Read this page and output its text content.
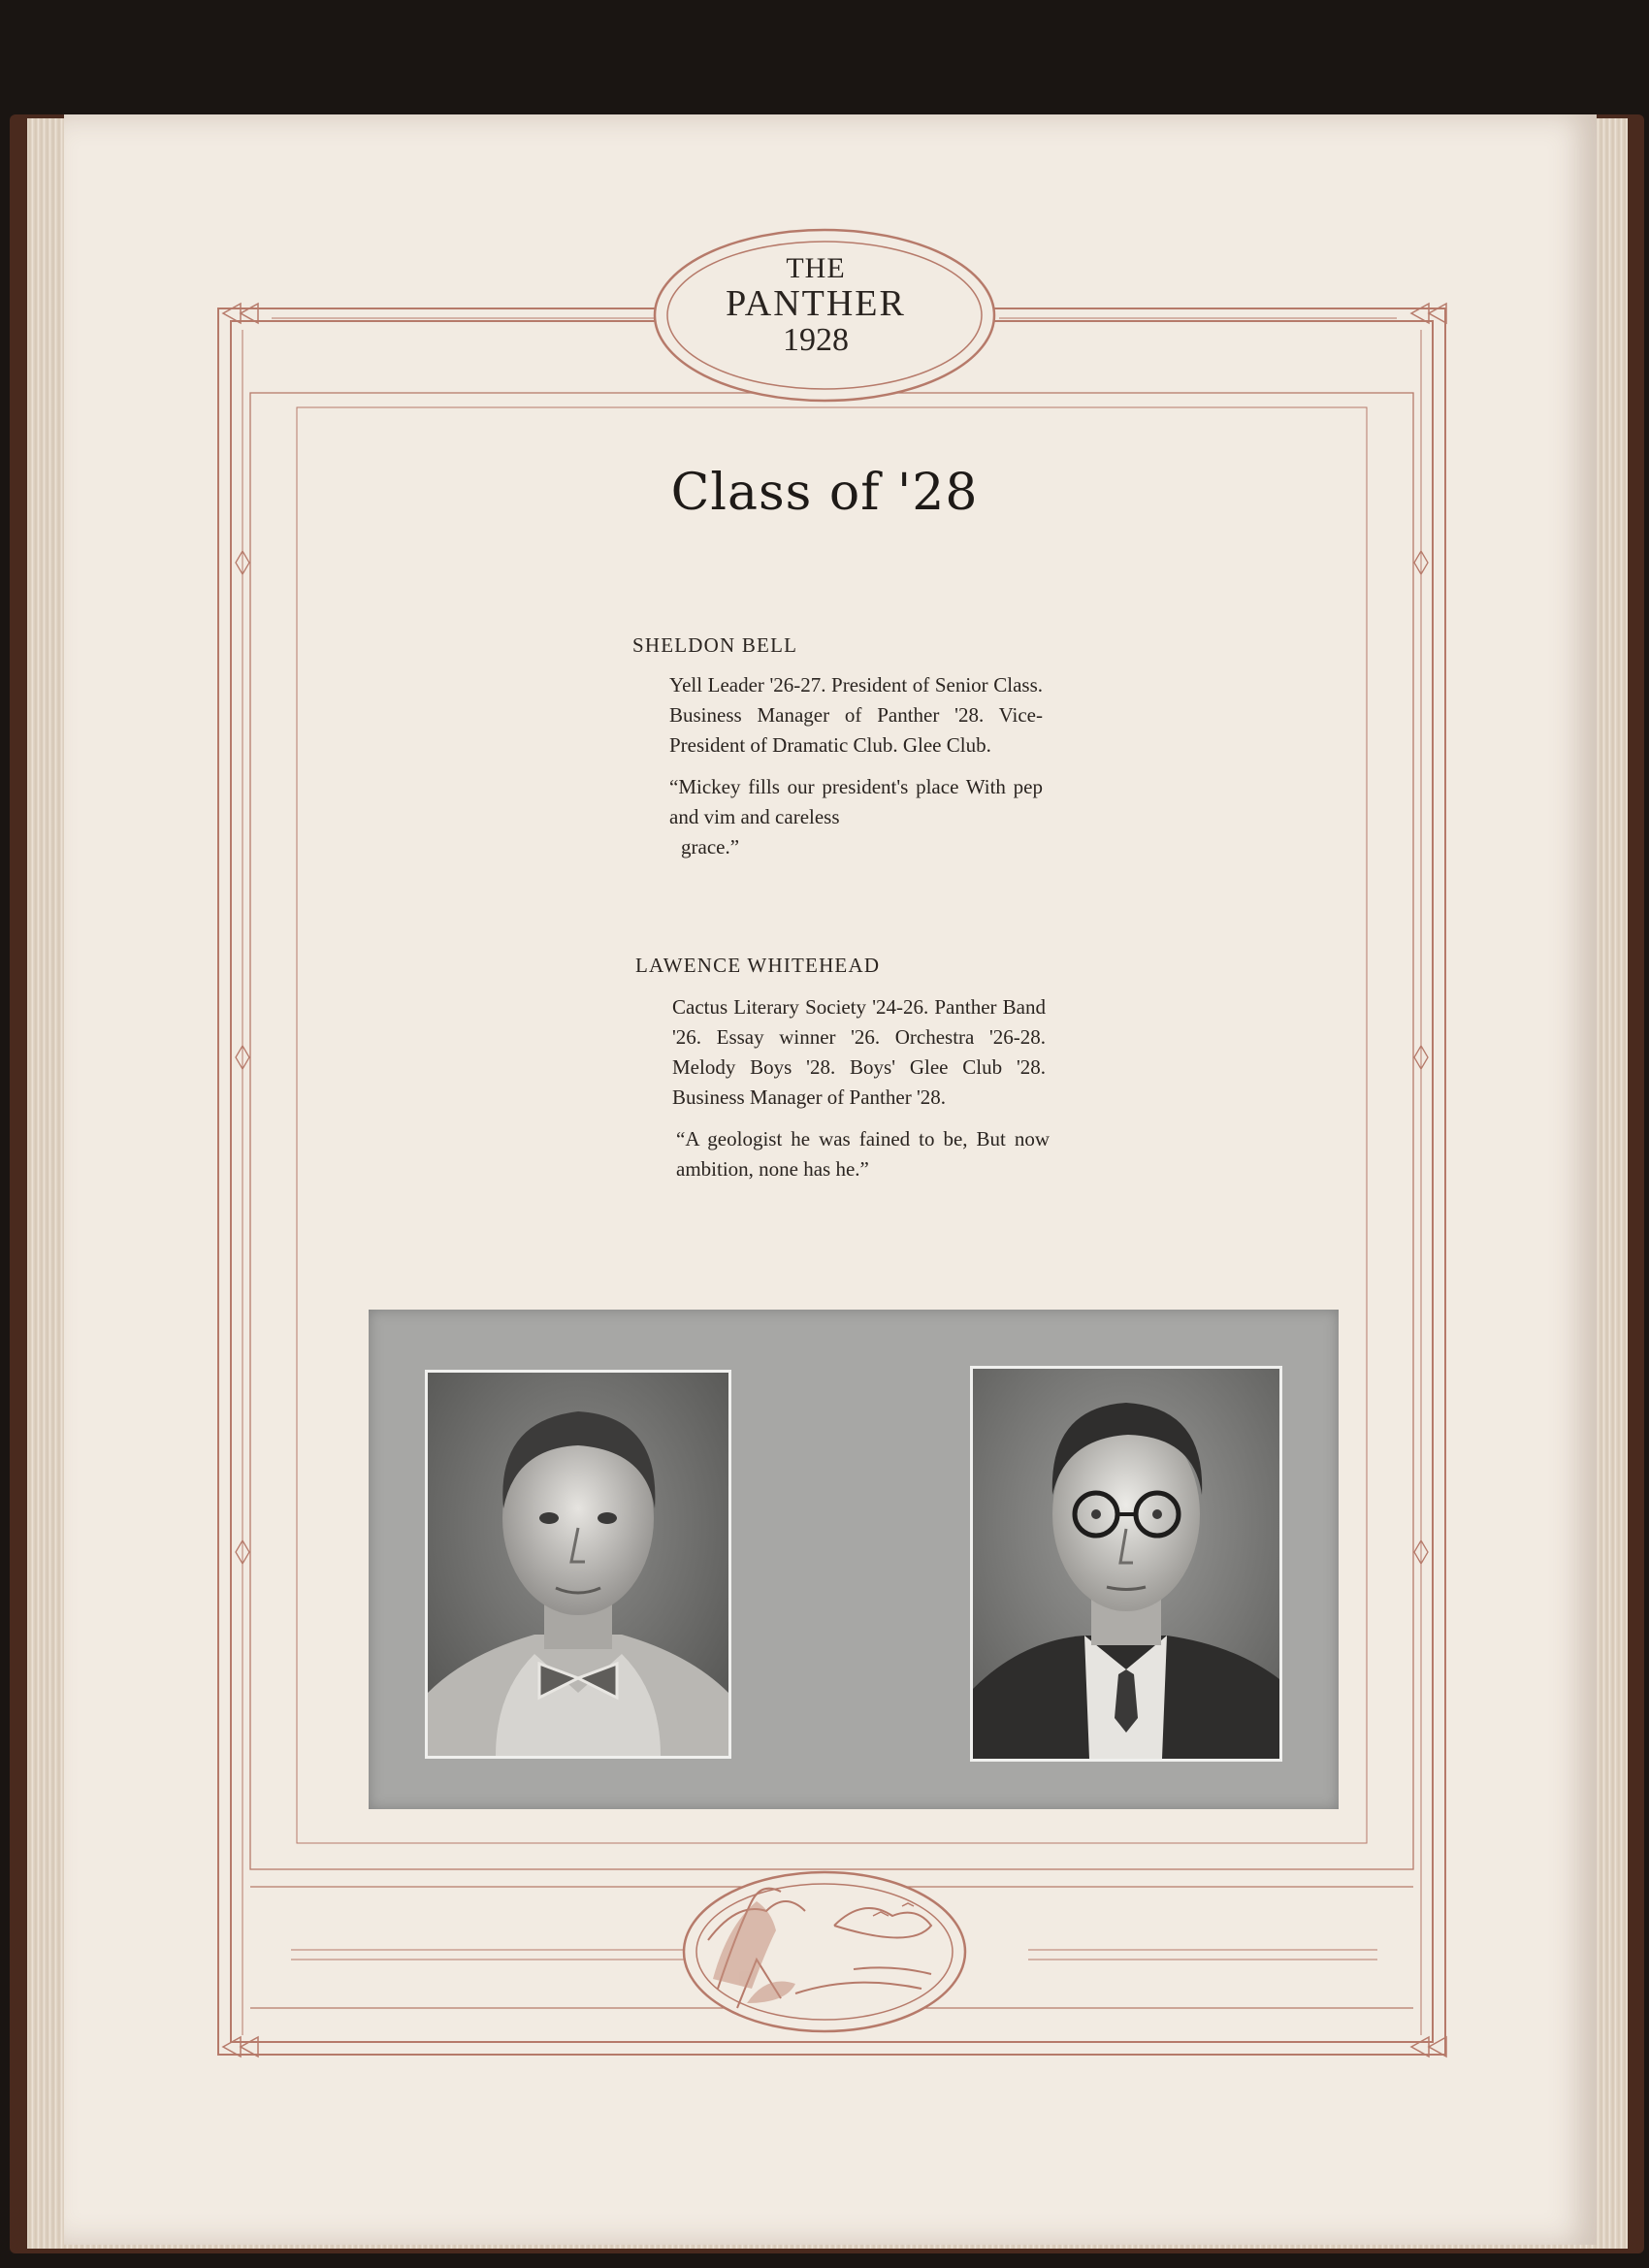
THE
PANTHER
1928
Class of '28
SHELDON BELL
Yell Leader '26-27. President of Senior Class. Business Manager of Panther '28. Vice-President of Dramatic Club. Glee Club.
“Mickey fills our president's place With pep and vim and careless
grace.”
LAWENCE WHITEHEAD
Cactus Literary Society '24-26. Panther Band '26. Essay winner '26. Orchestra '26-28. Melody Boys '28. Boys' Glee Club '28. Business Manager of Panther '28.
“A geologist he was fained to be, But now ambition, none has he.”
